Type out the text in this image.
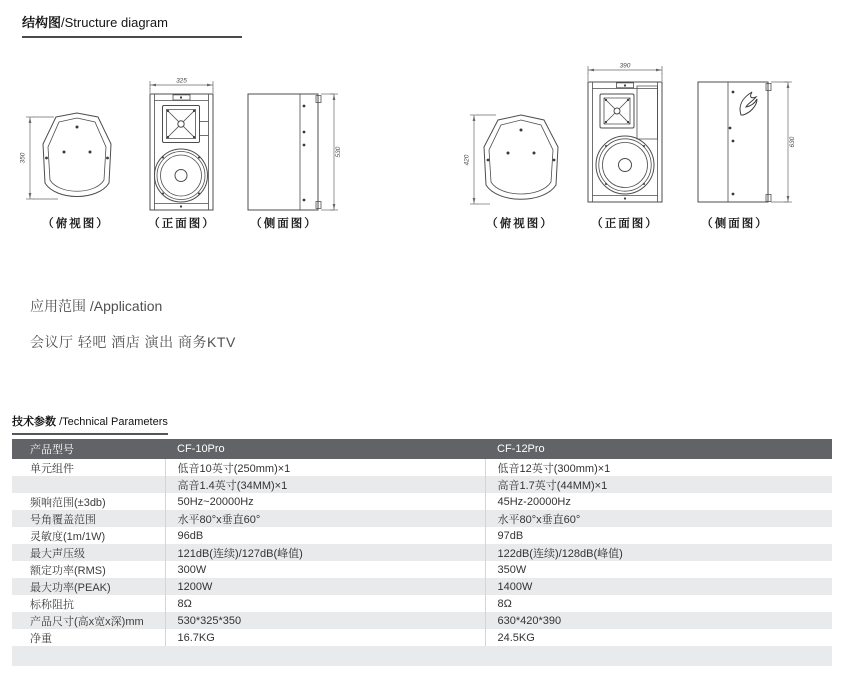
结构图/Structure diagram
350
325
530
420
390
630
（俯视图）	（正面图）	（侧面图）	（俯视图）	（正面图）	（侧面图）
应用范围 /Application
会议厅 轻吧 酒店 演出 商务KTV
技术参数 /Technical Parameters
产品型号	CF-10Pro	CF-12Pro
单元组件	低音10英寸(250mm)×1	低音12英寸(300mm)×1
	高音1.4英寸(34MM)×1	高音1.7英寸(44MM)×1
频响范围(±3db)	50Hz~20000Hz	45Hz-20000Hz
号角覆盖范围	水平80°x垂直60°	水平80°x垂直60°
灵敏度(1m/1W)	96dB	97dB
最大声压级	121dB(连续)/127dB(峰值)	122dB(连续)/128dB(峰值)
额定功率(RMS)	300W	350W
最大功率(PEAK)	1200W	1400W
标称阻抗	8Ω	8Ω
产品尺寸(高x宽x深)mm	530*325*350	630*420*390
净重	16.7KG	24.5KG
